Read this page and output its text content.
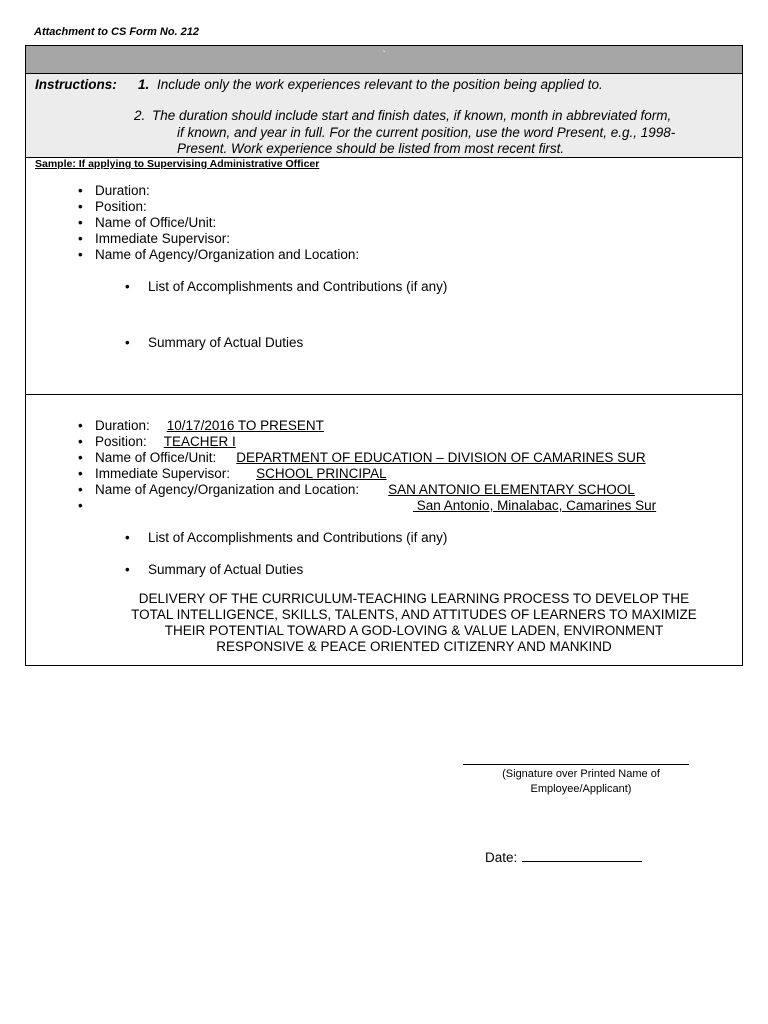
Attachment to CS Form No. 212
`
Instructions: 1. Include only the work experiences relevant to the position being applied to.
2. The duration should include start and finish dates, if known, month in abbreviated form,
if known, and year in full. For the current position, use the word Present, e.g., 1998-
Present. Work experience should be listed from most recent first.
Sample: If applying to Supervising Administrative Officer
• Duration:
• Position:
• Name of Office/Unit:
• Immediate Supervisor:
• Name of Agency/Organization and Location:
• List of Accomplishments and Contributions (if any)
• Summary of Actual Duties
• Duration: 10/17/2016 TO PRESENT
• Position: TEACHER I
• Name of Office/Unit: DEPARTMENT OF EDUCATION – DIVISION OF CAMARINES SUR
• Immediate Supervisor: SCHOOL PRINCIPAL
• Name of Agency/Organization and Location: SAN ANTONIO ELEMENTARY SCHOOL
•  San Antonio, Minalabac, Camarines Sur
• List of Accomplishments and Contributions (if any)
• Summary of Actual Duties
DELIVERY OF THE CURRICULUM-TEACHING LEARNING PROCESS TO DEVELOP THE
TOTAL INTELLIGENCE, SKILLS, TALENTS, AND ATTITUDES OF LEARNERS TO MAXIMIZE
THEIR POTENTIAL TOWARD A GOD-LOVING & VALUE LADEN, ENVIRONMENT
RESPONSIVE & PEACE ORIENTED CITIZENRY AND MANKIND
(Signature over Printed Name of
Employee/Applicant)
Date:
